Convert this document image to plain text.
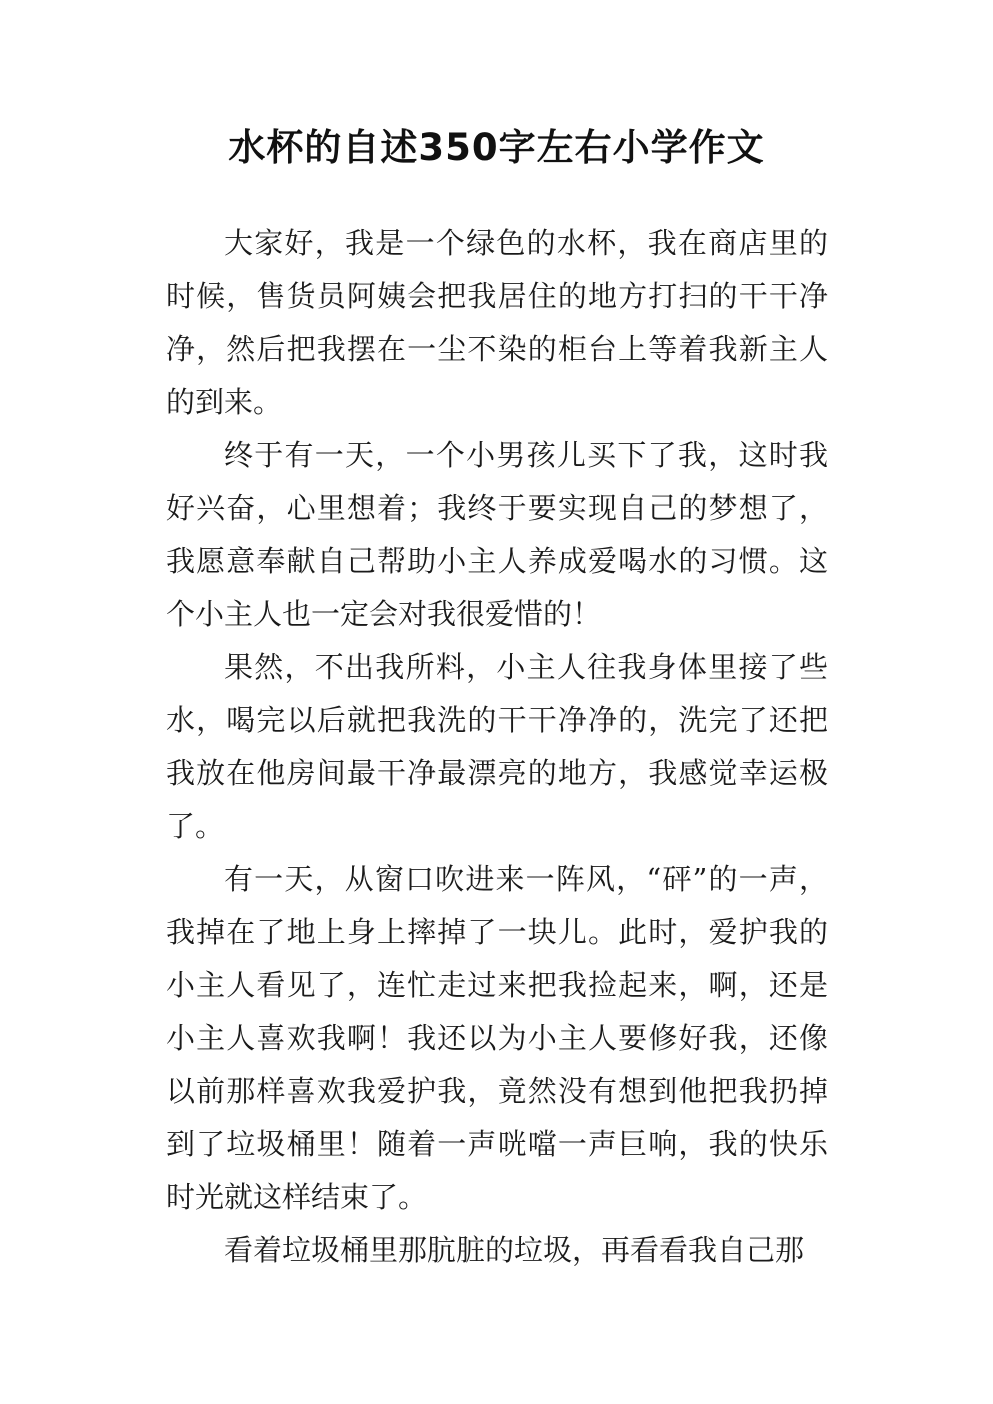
水杯的自述350字左右小学作文

大家好，我是一个绿色的水杯，我在商店里的时候，售货员阿姨会把我居住的地方打扫的干干净净，然后把我摆在一尘不染的柜台上等着我新主人的到来。

终于有一天，一个小男孩儿买下了我，这时我好兴奋，心里想着；我终于要实现自己的梦想了，我愿意奉献自己帮助小主人养成爱喝水的习惯。这个小主人也一定会对我很爱惜的！

果然，不出我所料，小主人往我身体里接了些水，喝完以后就把我洗的干干净净的，洗完了还把我放在他房间最干净最漂亮的地方，我感觉幸运极了。

有一天，从窗口吹进来一阵风，“砰”的一声，我掉在了地上身上摔掉了一块儿。此时，爱护我的小主人看见了，连忙走过来把我捡起来，啊，还是小主人喜欢我啊！我还以为小主人要修好我，还像以前那样喜欢我爱护我，竟然没有想到他把我扔掉到了垃圾桶里！随着一声咣噹一声巨响，我的快乐时光就这样结束了。

看着垃圾桶里那肮脏的垃圾，再看看我自己那
